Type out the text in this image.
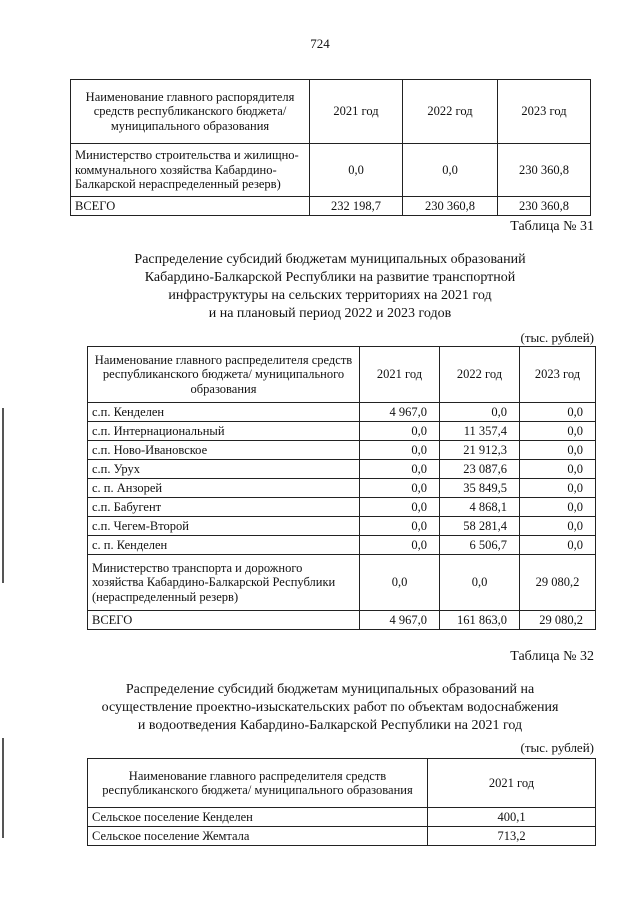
724
Наименование главного распорядителя средств республиканского бюджета/ муниципального образования	2021 год	2022 год	2023 год
Министерство строительства и жилищно-коммунального хозяйства Кабардино-Балкарской нераспределенный резерв)	0,0	0,0	230 360,8
ВСЕГО	232 198,7	230 360,8	230 360,8
Таблица № 31
Распределение субсидий бюджетам муниципальных образований
Кабардино-Балкарской Республики на развитие транспортной
инфраструктуры на сельских территориях на 2021 год
и на плановый период 2022 и 2023 годов
(тыс. рублей)
Наименование главного распределителя средств республиканского бюджета/ муниципального образования	2021 год	2022 год	2023 год
с.п. Кенделен	4 967,0	0,0	0,0
с.п. Интернациональный	0,0	11 357,4	0,0
с.п. Ново-Ивановское	0,0	21 912,3	0,0
с.п. Урух	0,0	23 087,6	0,0
с. п. Анзорей	0,0	35 849,5	0,0
с.п. Бабугент	0,0	4 868,1	0,0
с.п. Чегем-Второй	0,0	58 281,4	0,0
с. п. Кенделен	0,0	6 506,7	0,0
Министерство транспорта и дорожного хозяйства Кабардино-Балкарской Республики (нераспределенный резерв)	0,0	0,0	29 080,2
ВСЕГО	4 967,0	161 863,0	29 080,2
Таблица № 32
Распределение субсидий бюджетам муниципальных образований на
осуществление проектно-изыскательских работ по объектам водоснабжения
и водоотведения Кабардино-Балкарской Республики на 2021 год
(тыс. рублей)
Наименование главного распределителя средств республиканского бюджета/ муниципального образования	2021 год
Сельское поселение Кенделен	400,1
Сельское поселение Жемтала	713,2
